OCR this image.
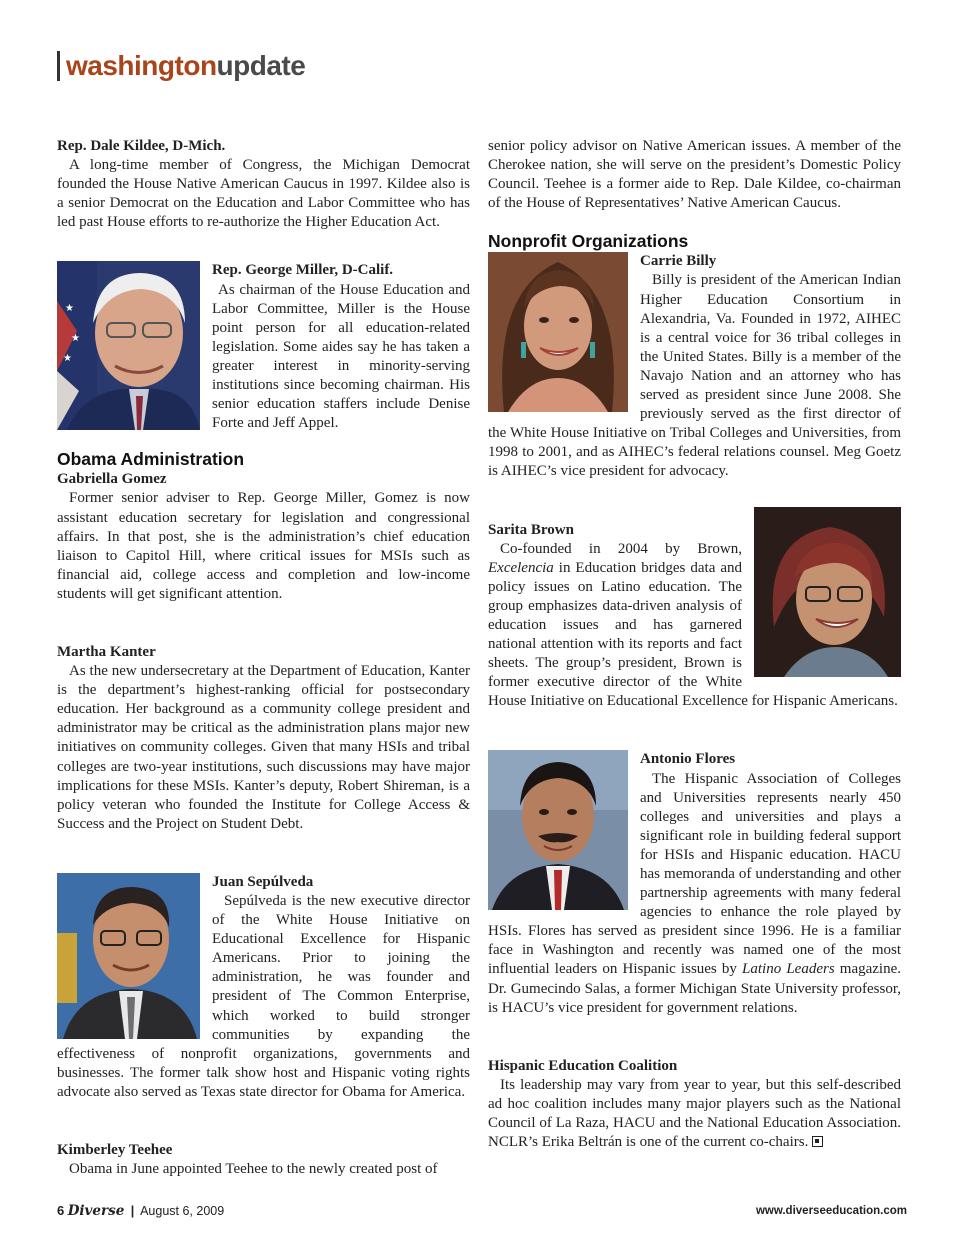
washington update
Rep. Dale Kildee, D-Mich.

A long-time member of Congress, the Michigan Democrat founded the House Native American Caucus in 1997. Kildee also is a senior Democrat on the Education and Labor Committee who has led past House efforts to re-authorize the Higher Education Act.

★
★
★
Rep. George Miller, D-Calif.

As chairman of the House Education and Labor Committee, Miller is the House point person for all education-related legislation. Some aides say he has taken a greater interest in minority-serving institutions since becoming chairman. His senior education staffers include Denise Forte and Jeff Appel.

Obama Administration
Gabriella Gomez

Former senior adviser to Rep. George Miller, Gomez is now assistant education secretary for legislation and congressional affairs. In that post, she is the administration’s chief education liaison to Capitol Hill, where critical issues for MSIs such as financial aid, college access and completion and low-income students will get significant attention.

Martha Kanter

As the new undersecretary at the Department of Education, Kanter is the department’s highest-ranking official for postsecondary education. Her background as a community college president and administrator may be critical as the administration plans major new initiatives on community colleges. Given that many HSIs and tribal colleges are two-year institutions, such discussions may have major implications for these MSIs. Kanter’s deputy, Robert Shireman, is a policy veteran who founded the Institute for College Access & Success and the Project on Student Debt.

Juan Sepúlveda

Sepúlveda is the new executive director of the White House Initiative on Educational Excellence for Hispanic Americans. Prior to joining the administration, he was founder and president of The Common Enterprise, which worked to build stronger communities by expanding the effectiveness of nonprofit organizations, governments and businesses. The former talk show host and Hispanic voting rights advocate also served as Texas state director for Obama for America.

Kimberley Teehee

Obama in June appointed Teehee to the newly created post of

senior policy advisor on Native American issues. A member of the Cherokee nation, she will serve on the president’s Domestic Policy Council. Teehee is a former aide to Rep. Dale Kildee, co-chairman of the House of Representatives’ Native American Caucus.

Nonprofit Organizations
Carrie Billy

Billy is president of the American Indian Higher Education Consortium in Alexandria, Va. Founded in 1972, AIHEC is a central voice for 36 tribal colleges in the United States. Billy is a member of the Navajo Nation and an attorney who has served as president since June 2008. She previously served as the first director of the White House Initiative on Tribal Colleges and Universities, from 1998 to 2001, and as AIHEC’s federal relations counsel. Meg Goetz is AIHEC’s vice president for advocacy.

Sarita Brown

Co-founded in 2004 by Brown, Excelencia in Education bridges data and policy issues on Latino education. The group emphasizes data-driven analysis of education issues and has garnered national attention with its reports and fact sheets. The group’s president, Brown is former executive director of the White House Initiative on Educational Excellence for Hispanic Americans.

Antonio Flores

The Hispanic Association of Colleges and Universities represents nearly 450 colleges and universities and plays a significant role in building federal support for HSIs and Hispanic education. HACU has memoranda of understanding and other partnership agreements with many federal agencies to enhance the role played by HSIs. Flores has served as president since 1996. He is a familiar face in Washington and recently was named one of the most influential leaders on Hispanic issues by Latino Leaders magazine. Dr. Gumecindo Salas, a former Michigan State University professor, is HACU’s vice president for government relations.

Hispanic Education Coalition

Its leadership may vary from year to year, but this self-described ad hoc coalition includes many major players such as the National Council of La Raza, HACU and the National Education Association. NCLR’s Erika Beltrán is one of the current co-chairs.

6 Diverse | August 6, 2009	www.diverseeducation.com
